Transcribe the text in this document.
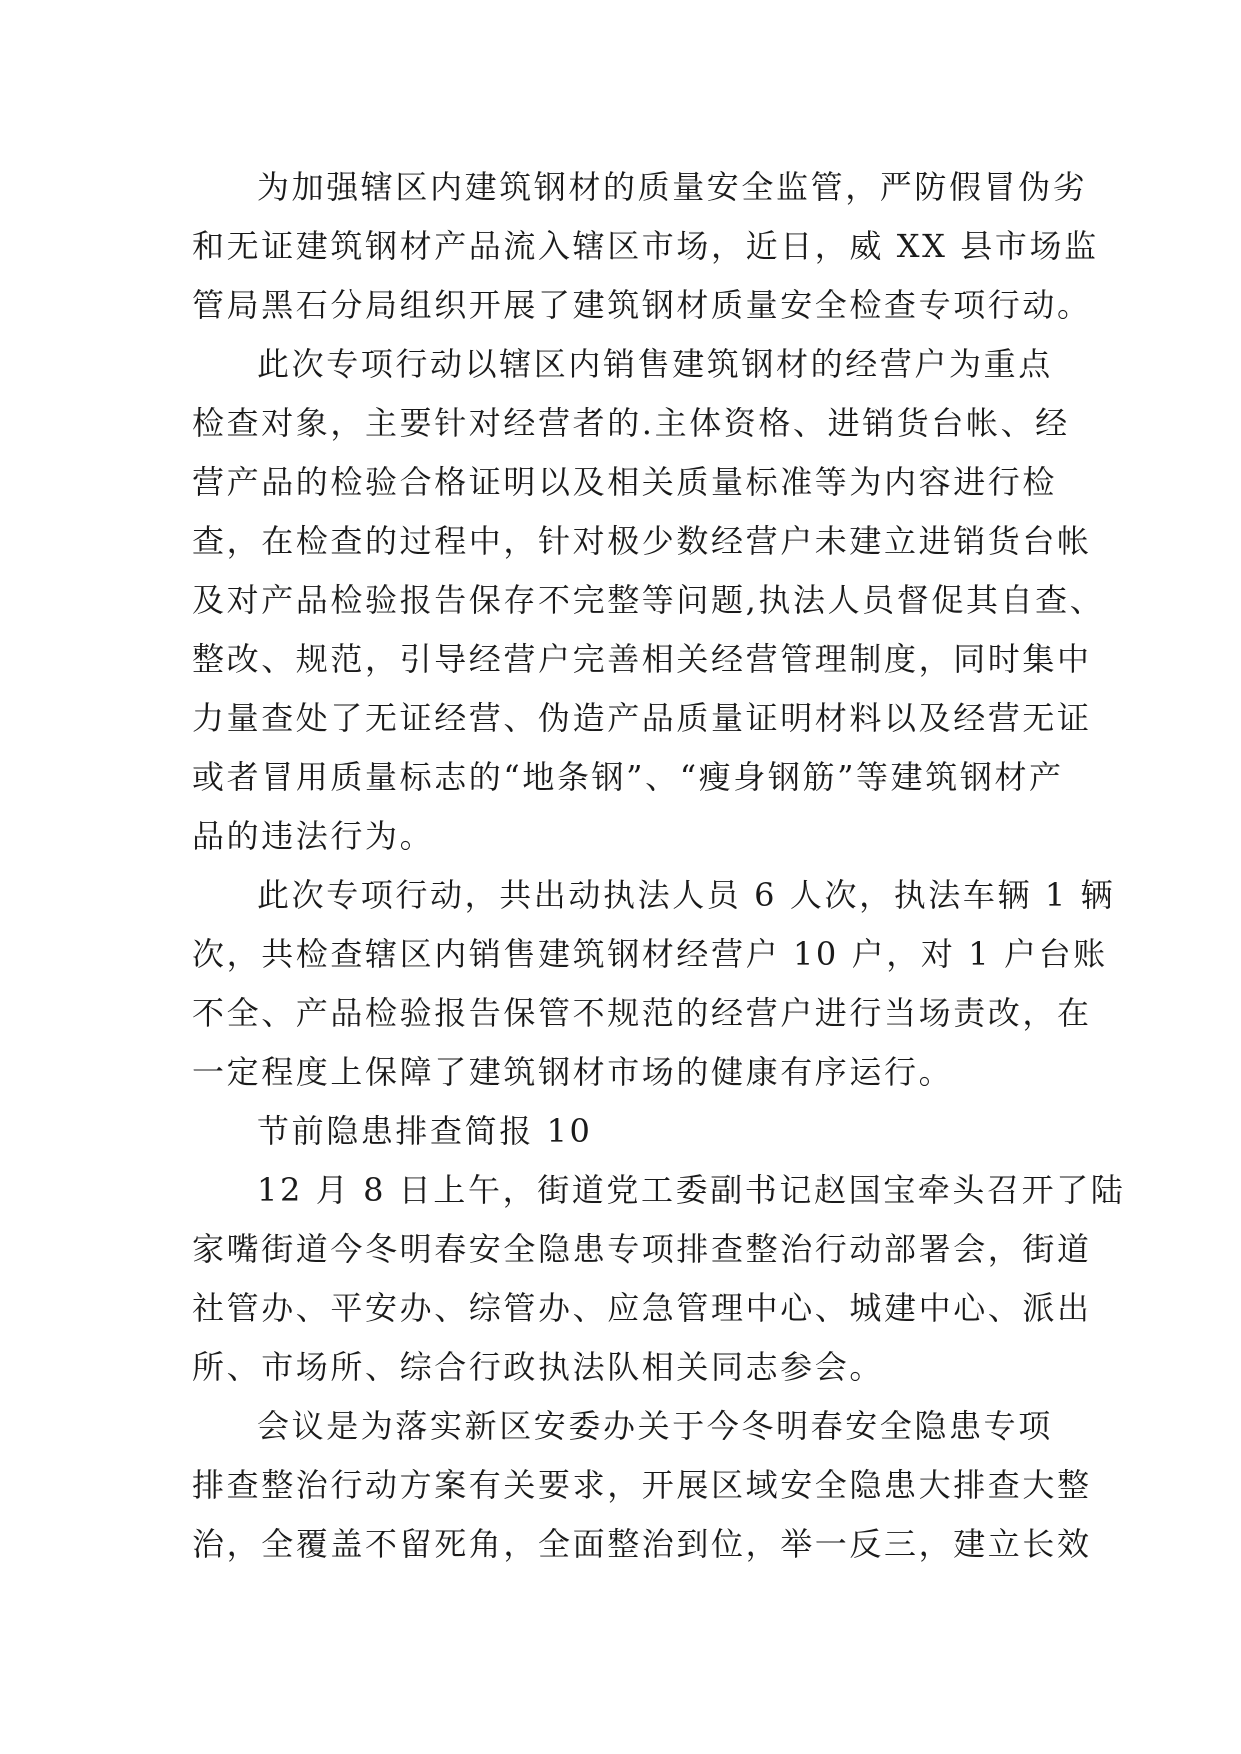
为加强辖区内建筑钢材的质量安全监管，严防假冒伪劣
和无证建筑钢材产品流入辖区市场，近日，威 XX 县市场监
管局黑石分局组织开展了建筑钢材质量安全检查专项行动。
此次专项行动以辖区内销售建筑钢材的经营户为重点
检查对象，主要针对经营者的.主体资格、进销货台帐、经
营产品的检验合格证明以及相关质量标准等为内容进行检
查，在检查的过程中，针对极少数经营户未建立进销货台帐
及对产品检验报告保存不完整等问题,执法人员督促其自查、
整改、规范，引导经营户完善相关经营管理制度，同时集中
力量查处了无证经营、伪造产品质量证明材料以及经营无证
或者冒用质量标志的“地条钢”、“瘦身钢筋”等建筑钢材产
品的违法行为。
此次专项行动，共出动执法人员 6 人次，执法车辆 1 辆
次，共检查辖区内销售建筑钢材经营户 10 户，对 1 户台账
不全、产品检验报告保管不规范的经营户进行当场责改，在
一定程度上保障了建筑钢材市场的健康有序运行。
节前隐患排查简报 10
12 月 8 日上午，街道党工委副书记赵国宝牵头召开了陆
家嘴街道今冬明春安全隐患专项排查整治行动部署会，街道
社管办、平安办、综管办、应急管理中心、城建中心、派出
所、市场所、综合行政执法队相关同志参会。
会议是为落实新区安委办关于今冬明春安全隐患专项
排查整治行动方案有关要求，开展区域安全隐患大排查大整
治，全覆盖不留死角，全面整治到位，举一反三，建立长效
